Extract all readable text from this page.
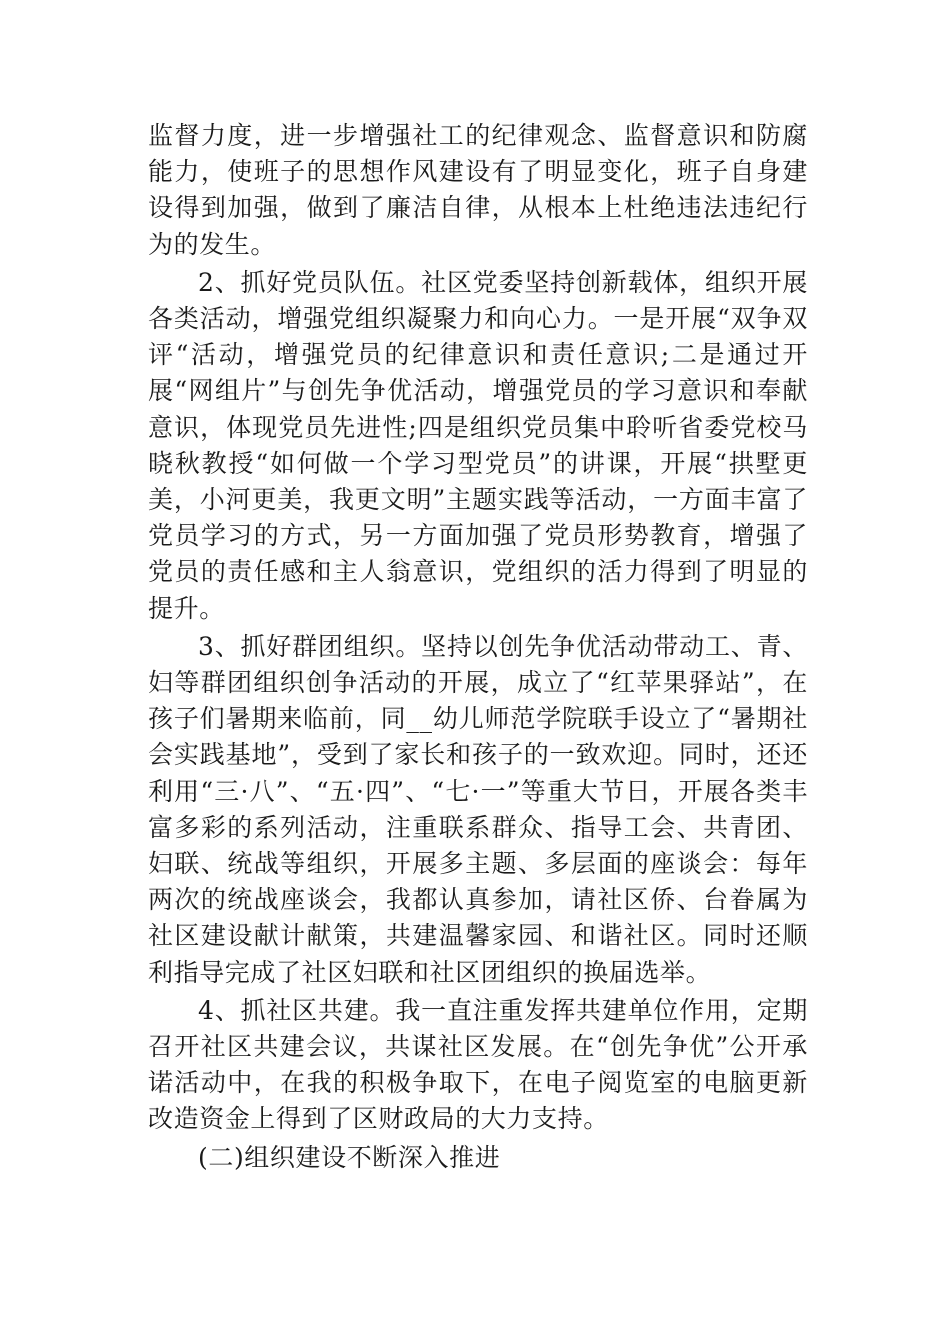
监督力度，进一步增强社工的纪律观念、监督意识和防腐能力，使班子的思想作风建设有了明显变化，班子自身建设得到加强，做到了廉洁自律，从根本上杜绝违法违纪行为的发生。

2、抓好党员队伍。社区党委坚持创新载体，组织开展各类活动，增强党组织凝聚力和向心力。一是开展“双争双评“活动，增强党员的纪律意识和责任意识;二是通过开展“网组片”与创先争优活动，增强党员的学习意识和奉献意识，体现党员先进性;四是组织党员集中聆听省委党校马晓秋教授“如何做一个学习型党员”的讲课，开展“拱墅更美，小河更美，我更文明”主题实践等活动，一方面丰富了党员学习的方式，另一方面加强了党员形势教育，增强了党员的责任感和主人翁意识，党组织的活力得到了明显的提升。

3、抓好群团组织。坚持以创先争优活动带动工、青、妇等群团组织创争活动的开展，成立了“红苹果驿站”，在孩子们暑期来临前，同__幼儿师范学院联手设立了“暑期社会实践基地”，受到了家长和孩子的一致欢迎。同时，还还利用“三·八”、“五·四”、“七·一”等重大节日，开展各类丰富多彩的系列活动，注重联系群众、指导工会、共青团、妇联、统战等组织，开展多主题、多层面的座谈会：每年两次的统战座谈会，我都认真参加，请社区侨、台眷属为社区建设献计献策，共建温馨家园、和谐社区。同时还顺利指导完成了社区妇联和社区团组织的换届选举。

4、抓社区共建。我一直注重发挥共建单位作用，定期召开社区共建会议，共谋社区发展。在“创先争优”公开承诺活动中，在我的积极争取下，在电子阅览室的电脑更新改造资金上得到了区财政局的大力支持。

(二)组织建设不断深入推进
